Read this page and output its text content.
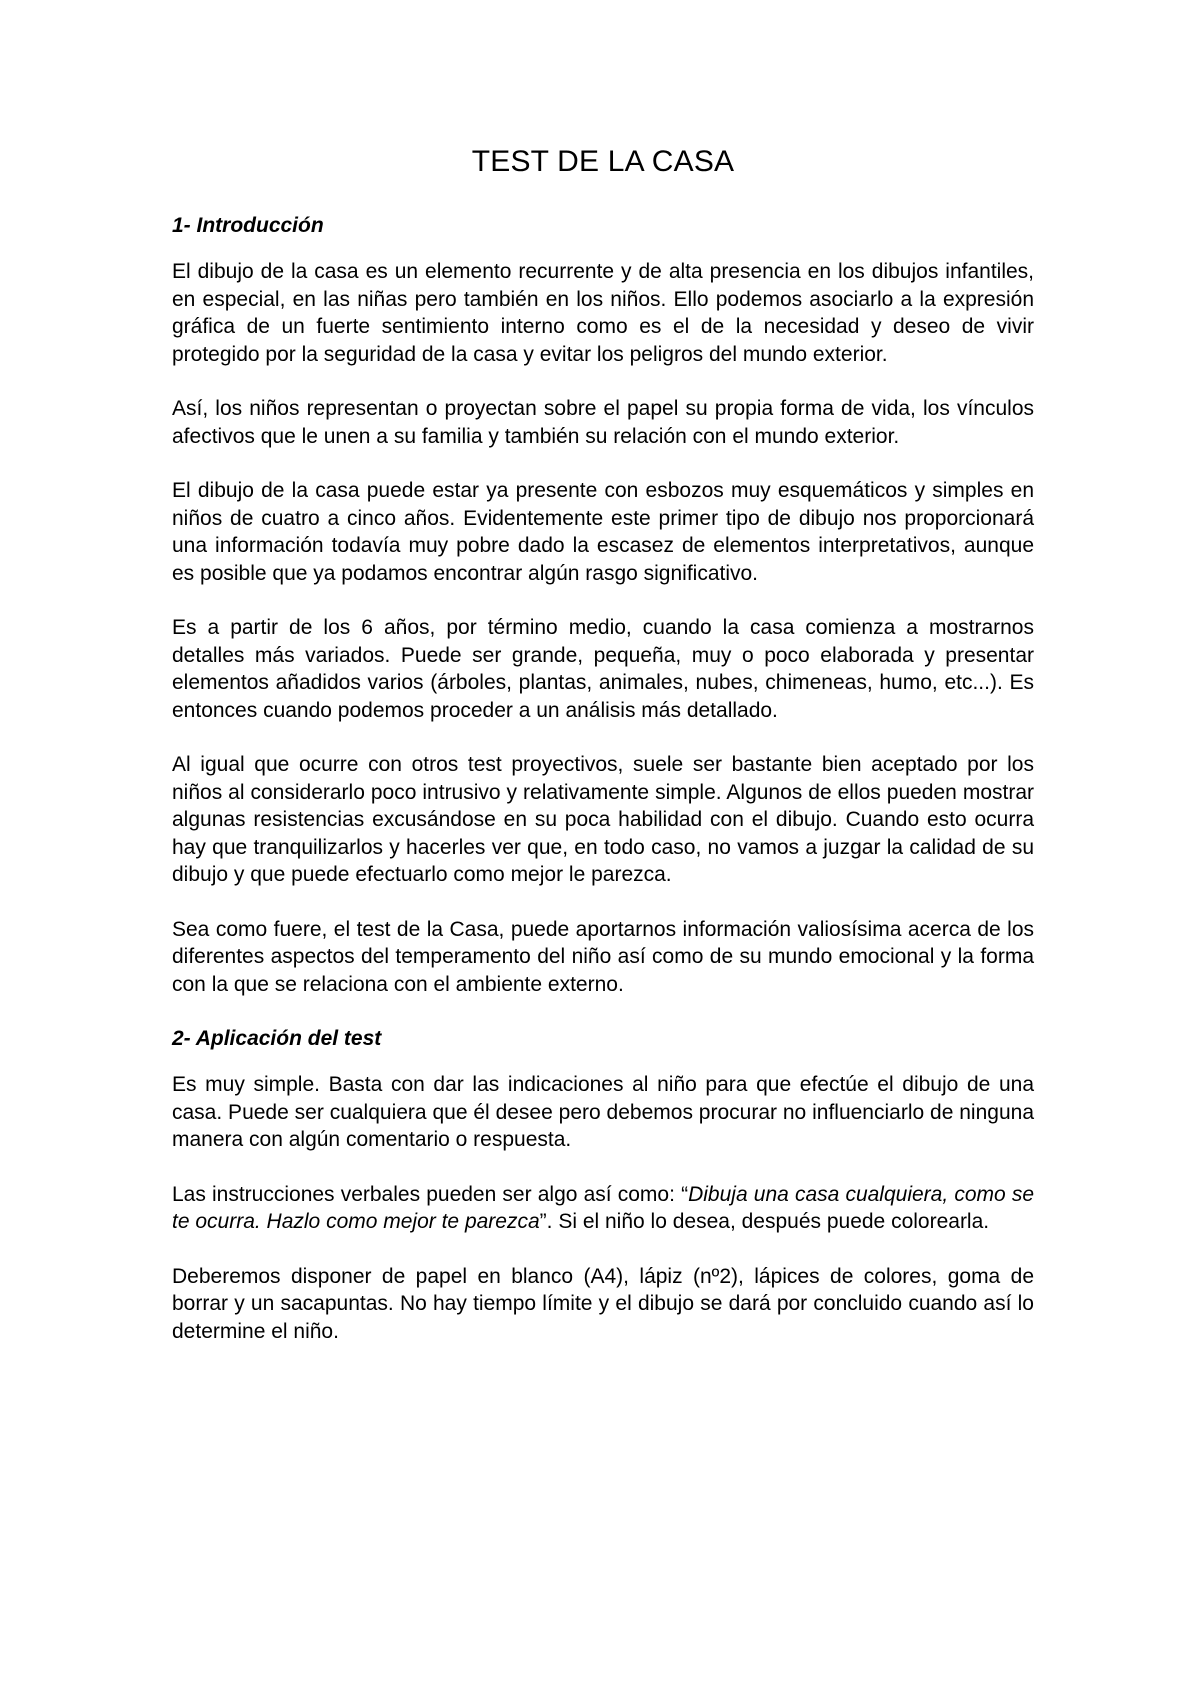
TEST DE LA CASA
1- Introducción

El dibujo de la casa es un elemento recurrente y de alta presencia en los dibujos infantiles, en especial, en las niñas pero también en los niños. Ello podemos asociarlo a la expresión gráfica de un fuerte sentimiento interno como es el de la necesidad y deseo de vivir protegido por la seguridad de la casa y evitar los peligros del mundo exterior.

Así, los niños representan o proyectan sobre el papel su propia forma de vida, los vínculos afectivos que le unen a su familia y también su relación con el mundo exterior.

El dibujo de la casa puede estar ya presente con esbozos muy esquemáticos y simples en niños de cuatro a cinco años. Evidentemente este primer tipo de dibujo nos proporcionará una información todavía muy pobre dado la escasez de elementos interpretativos, aunque es posible que ya podamos encontrar algún rasgo significativo.

Es a partir de los 6 años, por término medio, cuando la casa comienza a mostrarnos detalles más variados. Puede ser grande, pequeña, muy o poco elaborada y presentar elementos añadidos varios (árboles, plantas, animales, nubes, chimeneas, humo, etc...). Es entonces cuando podemos proceder a un análisis más detallado.

Al igual que ocurre con otros test proyectivos, suele ser bastante bien aceptado por los niños al considerarlo poco intrusivo y relativamente simple. Algunos de ellos pueden mostrar algunas resistencias excusándose en su poca habilidad con el dibujo. Cuando esto ocurra hay que tranquilizarlos y hacerles ver que, en todo caso, no vamos a juzgar la calidad de su dibujo y que puede efectuarlo como mejor le parezca.

Sea como fuere, el test de la Casa, puede aportarnos información valiosísima acerca de los diferentes aspectos del temperamento del niño así como de su mundo emocional y la forma con la que se relaciona con el ambiente externo.

2- Aplicación del test

Es muy simple. Basta con dar las indicaciones al niño para que efectúe el dibujo de una casa. Puede ser cualquiera que él desee pero debemos procurar no influenciarlo de ninguna manera con algún comentario o respuesta.

Las instrucciones verbales pueden ser algo así como: “Dibuja una casa cualquiera, como se te ocurra. Hazlo como mejor te parezca”. Si el niño lo desea, después puede colorearla.

Deberemos disponer de papel en blanco (A4), lápiz (nº2), lápices de colores, goma de borrar y un sacapuntas. No hay tiempo límite y el dibujo se dará por concluido cuando así lo determine el niño.
